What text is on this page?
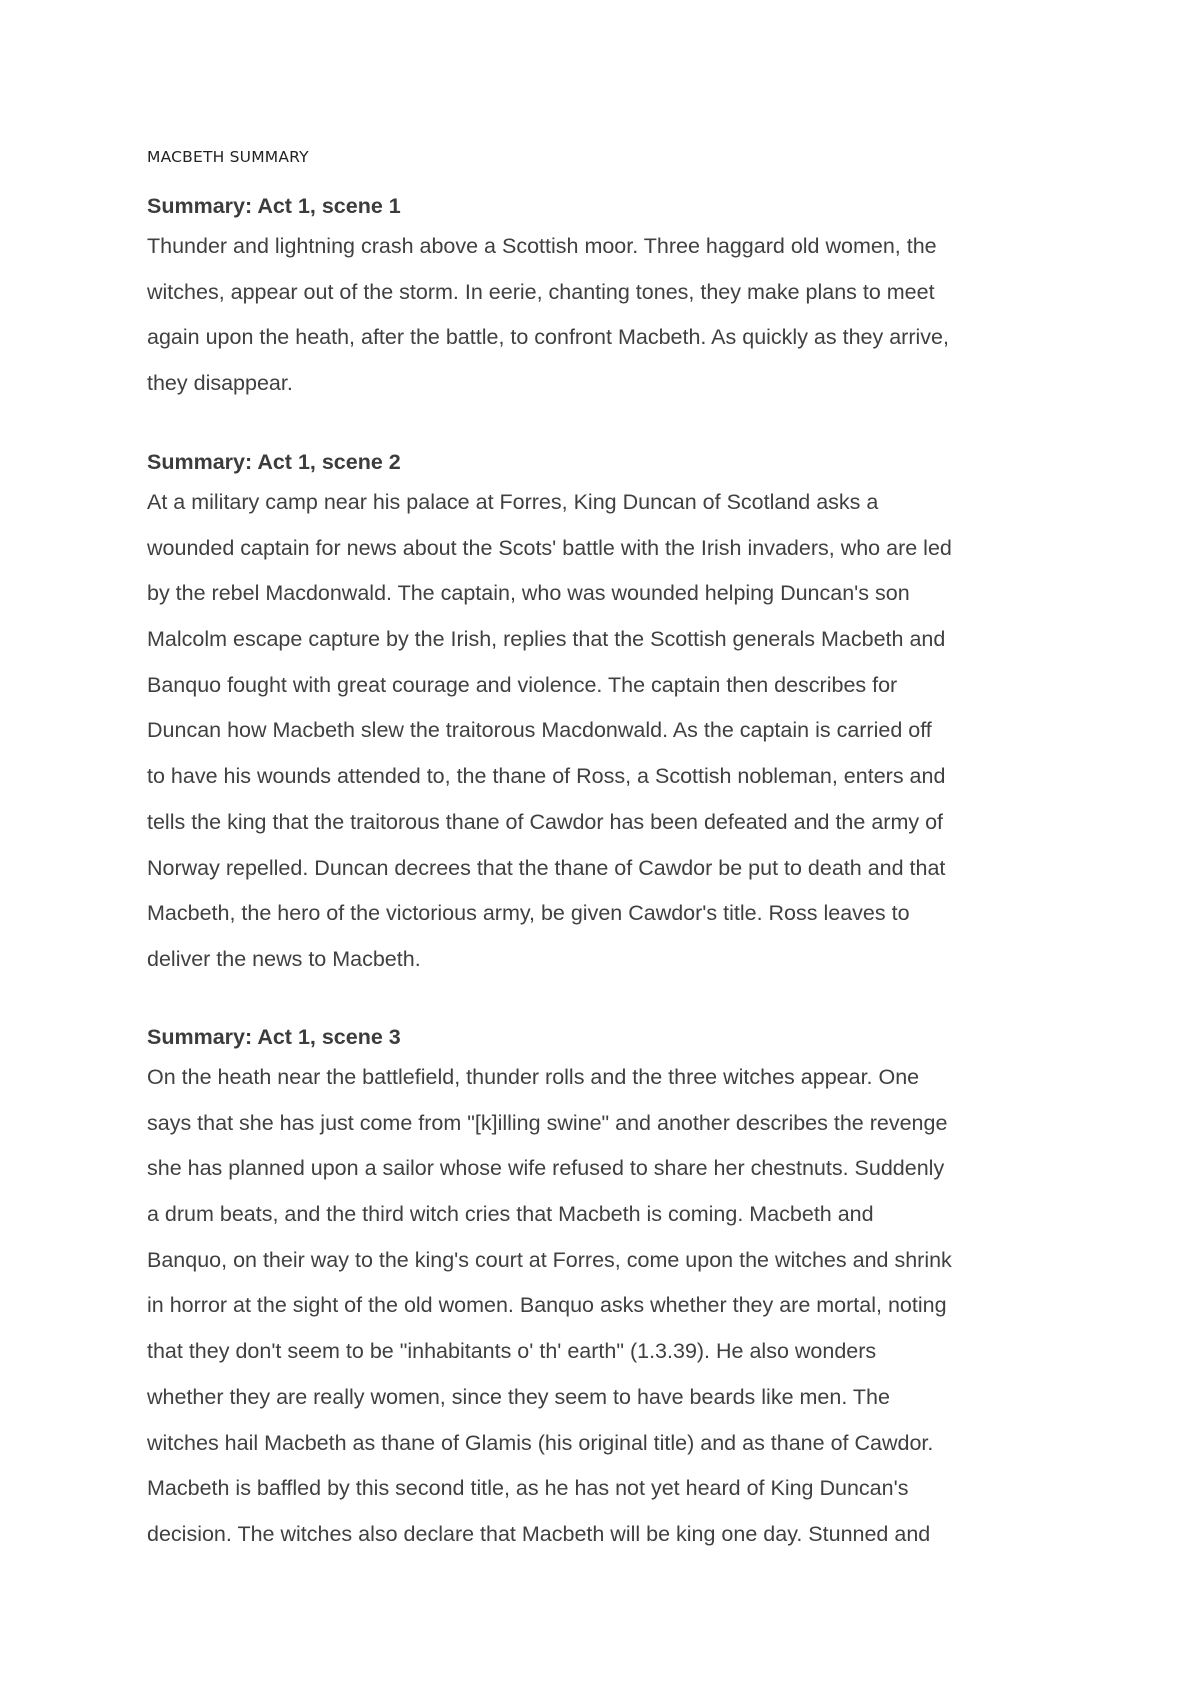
MACBETH SUMMARY
Summary: Act 1, scene 1
Thunder and lightning crash above a Scottish moor. Three haggard old women, the
witches, appear out of the storm. In eerie, chanting tones, they make plans to meet
again upon the heath, after the battle, to confront Macbeth. As quickly as they arrive,
they disappear.
Summary: Act 1, scene 2
At a military camp near his palace at Forres, King Duncan of Scotland asks a
wounded captain for news about the Scots' battle with the Irish invaders, who are led
by the rebel Macdonwald. The captain, who was wounded helping Duncan's son
Malcolm escape capture by the Irish, replies that the Scottish generals Macbeth and
Banquo fought with great courage and violence. The captain then describes for
Duncan how Macbeth slew the traitorous Macdonwald. As the captain is carried off
to have his wounds attended to, the thane of Ross, a Scottish nobleman, enters and
tells the king that the traitorous thane of Cawdor has been defeated and the army of
Norway repelled. Duncan decrees that the thane of Cawdor be put to death and that
Macbeth, the hero of the victorious army, be given Cawdor's title. Ross leaves to
deliver the news to Macbeth.
Summary: Act 1, scene 3
On the heath near the battlefield, thunder rolls and the three witches appear. One
says that she has just come from "[k]illing swine" and another describes the revenge
she has planned upon a sailor whose wife refused to share her chestnuts. Suddenly
a drum beats, and the third witch cries that Macbeth is coming. Macbeth and
Banquo, on their way to the king's court at Forres, come upon the witches and shrink
in horror at the sight of the old women. Banquo asks whether they are mortal, noting
that they don't seem to be "inhabitants o' th' earth" (1.3.39). He also wonders
whether they are really women, since they seem to have beards like men. The
witches hail Macbeth as thane of Glamis (his original title) and as thane of Cawdor.
Macbeth is baffled by this second title, as he has not yet heard of King Duncan's
decision. The witches also declare that Macbeth will be king one day. Stunned and
